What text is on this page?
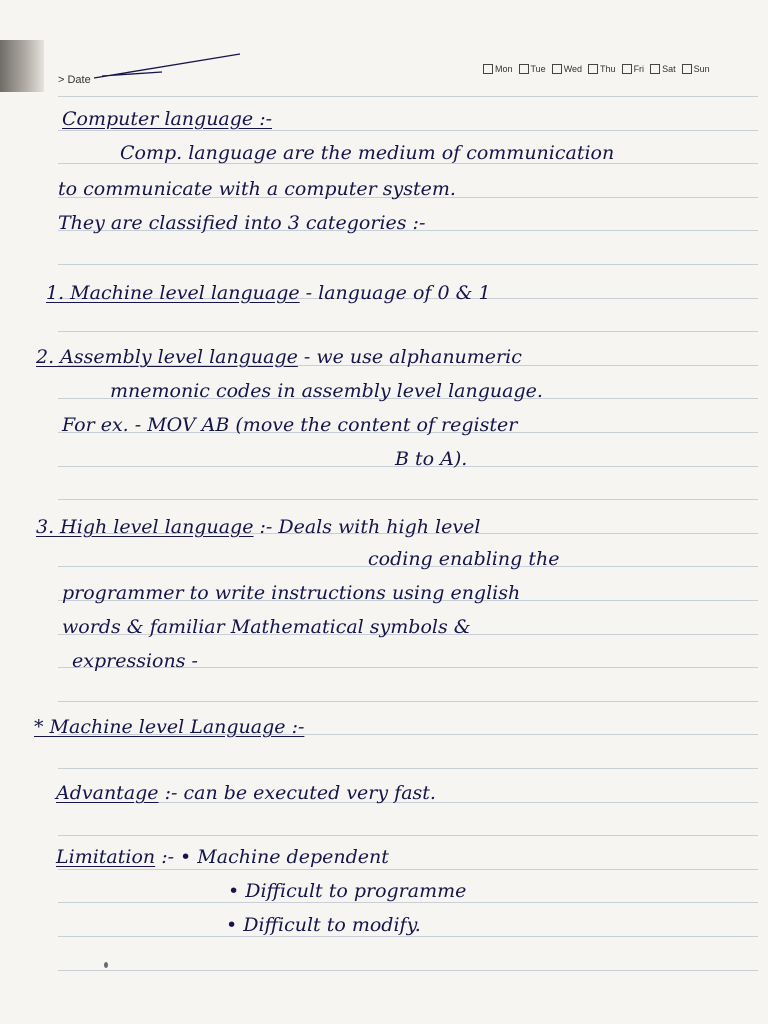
> Date
Mon Tue Wed Thu Fri Sat Sun
Computer language :-
Comp. language are the medium of communication
to communicate with a computer system.
They are classified into 3 categories :-
1. Machine level language - language of 0 & 1
2. Assembly level language - we use alphanumeric
mnemonic codes in assembly level language.
For ex. - MOV AB (move the content of register
B to A).
3. High level language :- Deals with high level
coding enabling the
programmer to write instructions using english
words & familiar Mathematical symbols &
expressions -
* Machine level Language :-
Advantage :- can be executed very fast.
Limitation :- • Machine dependent
• Difficult to programme
• Difficult to modify.
